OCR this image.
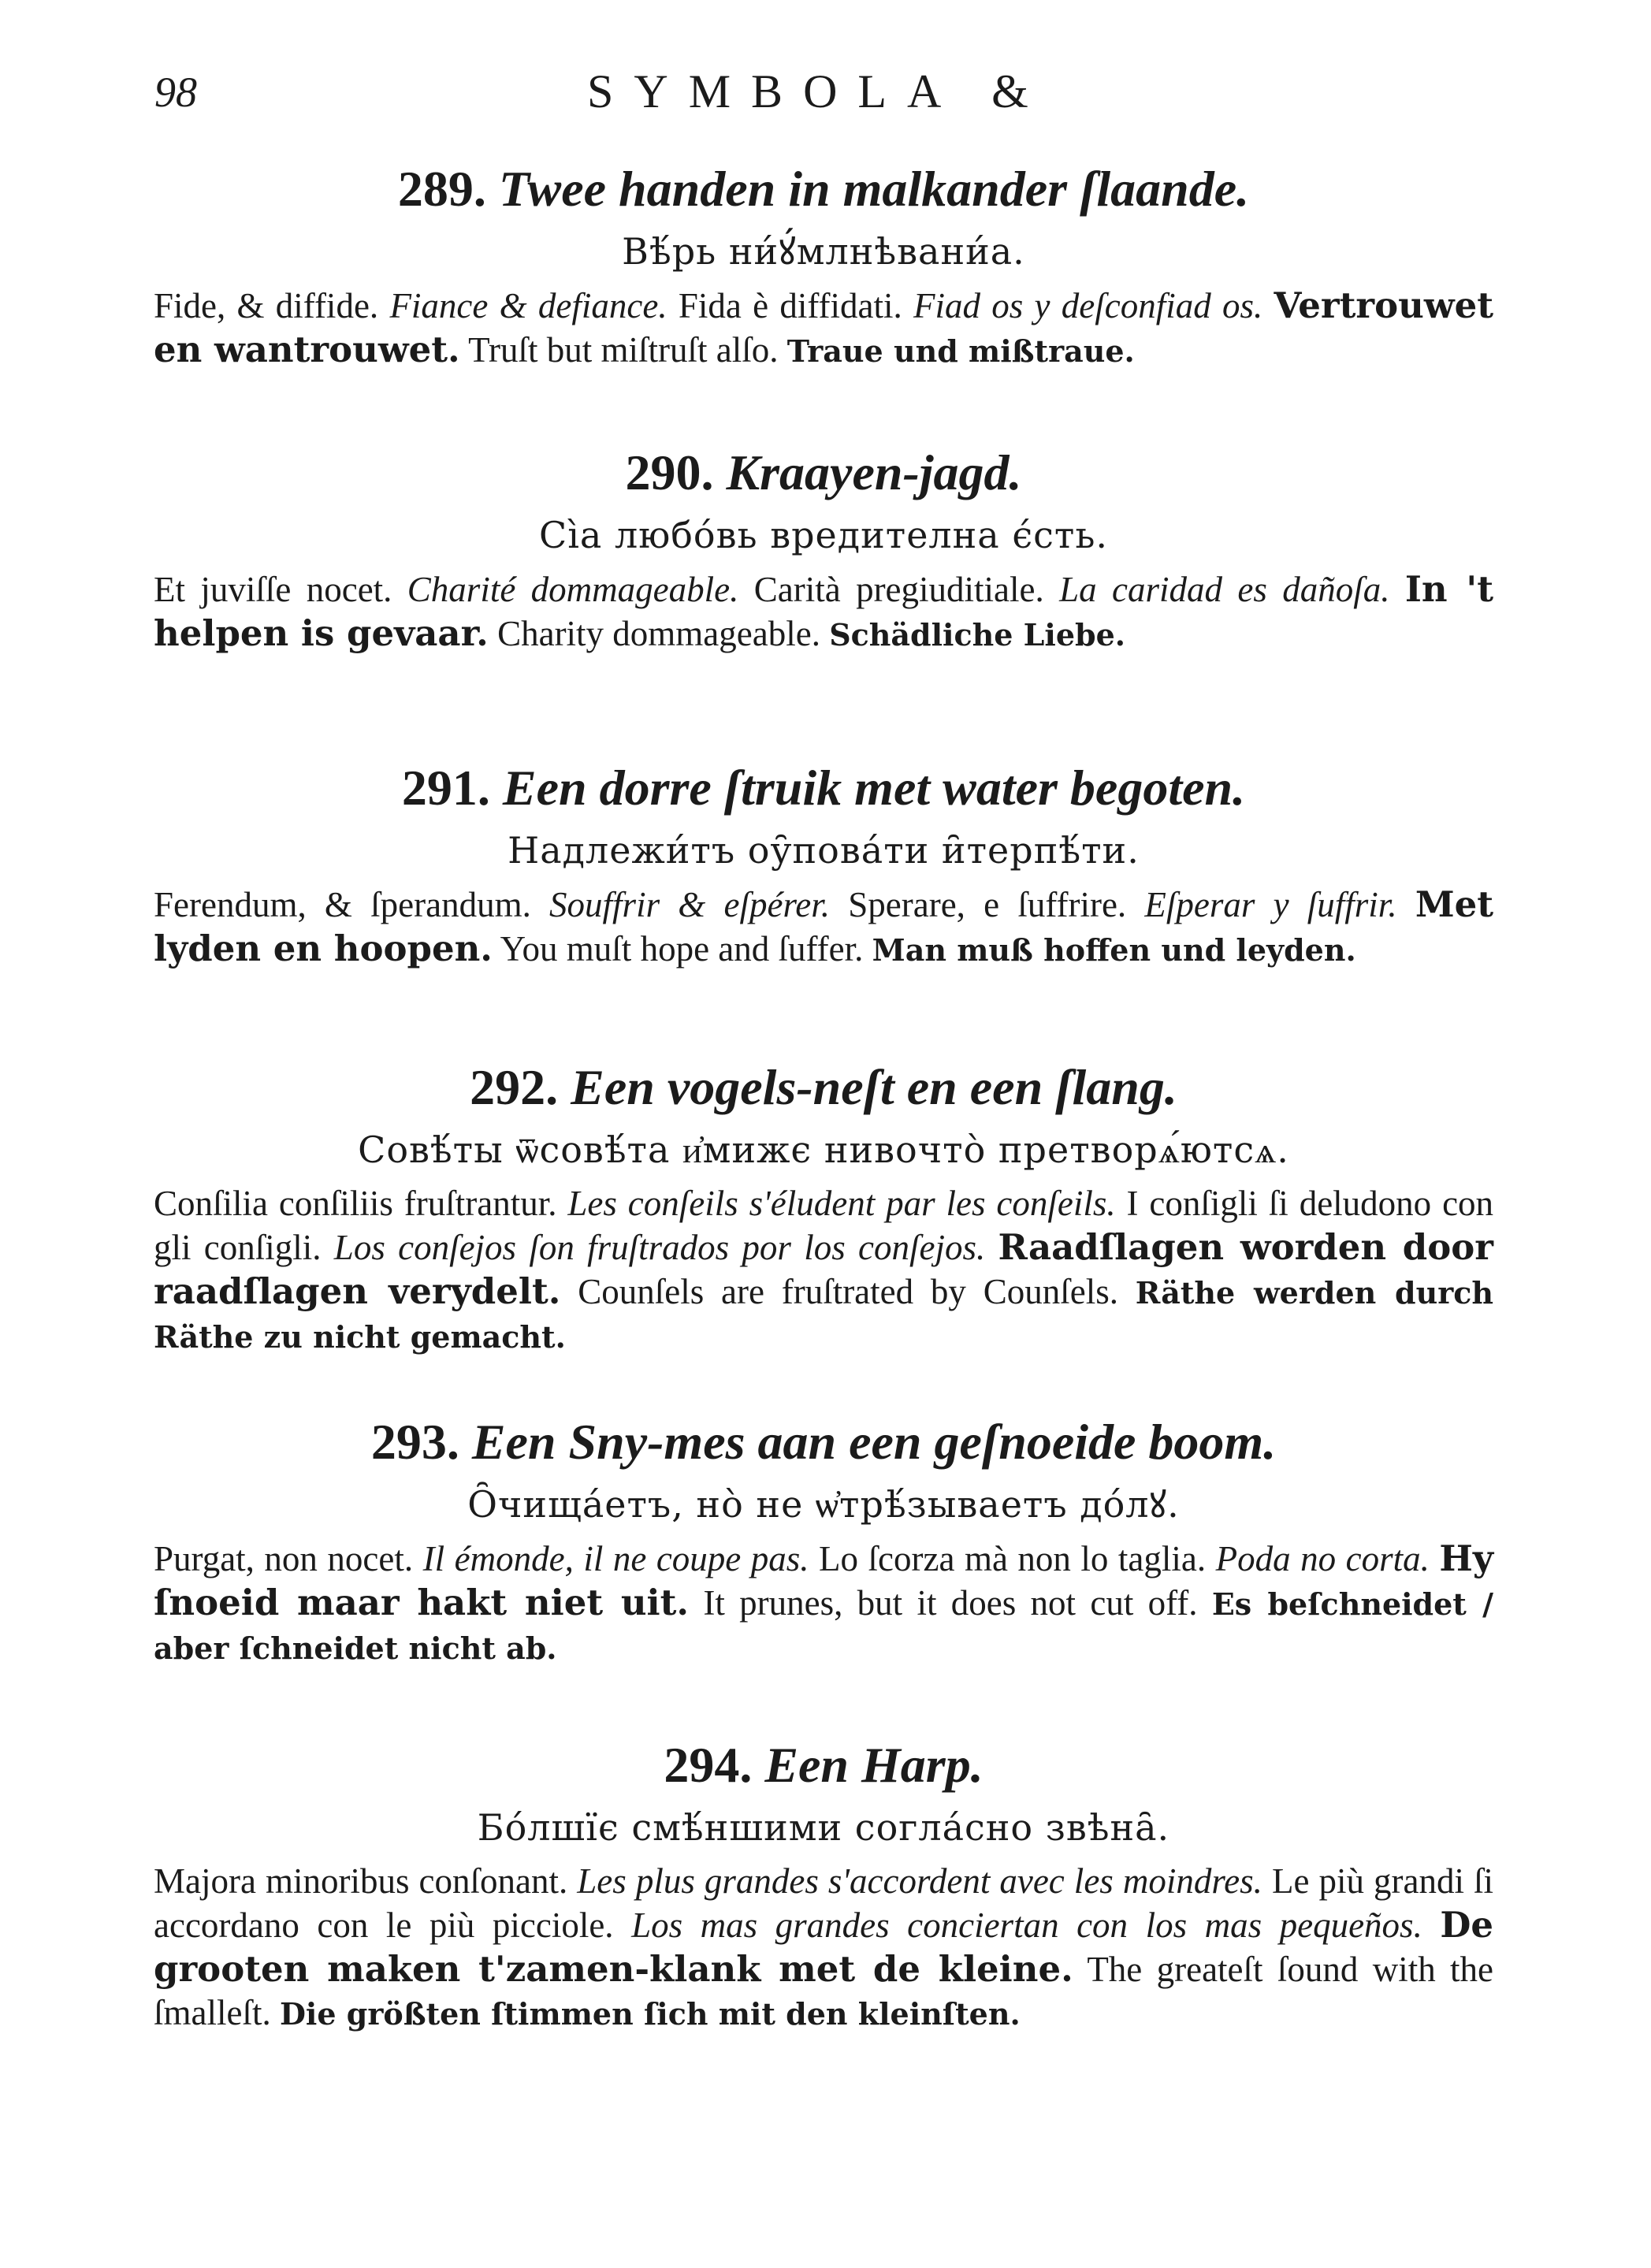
98	SYMBOLA &
289. Twee handen in malkander ſlaande.
Вѣ́рь ни́ꙋ́млнѣвани́а.

Fide, & diffide. Fiance & defiance. Fida è diffidati. Fiad os y deſconfiad os. Vertrouwet en wantrouwet. Truſt but miſtruſt alſo. Traue und mißtraue.

290. Kraayen-jagd.
Сі̀а любо́вь вредителна є́сть.

Et juviſſe nocet. Charité dommageable. Carità pregiuditiale. La caridad es dañoſa. In 't helpen is gevaar. Charity dommageable. Schädliche Liebe.

291. Een dorre ſtruik met water begoten.
Надлежи́тъ оу̑пова́ти и̑терпѣ́ти.

Ferendum, & ſperandum. Souffrir & eſpérer. Sperare, e ſuffrire. Eſperar y ſuffrir. Met lyden en hoopen. You muſt hope and ſuffer. Man muß hoffen und leyden.

292. Een vogels-neſt en een ſlang.
Совѣ́ты ѿсовѣ́та и҆мижє нивочто̀ претворѧ́ютсѧ.

Conſilia conſiliis fruſtrantur. Les conſeils s'éludent par les conſeils. I conſigli ſi deludono con gli conſigli. Los conſejos ſon fruſtrados por los conſejos. Raadſlagen worden door raadſlagen verydelt. Counſels are fruſtrated by Counſels. Räthe werden durch Räthe zu nicht gemacht.

293. Een Sny-mes aan een geſnoeide boom.
О̑чища́етъ, но̀ не ѡ҆трѣ́зываетъ до́лꙋ.

Purgat, non nocet. Il émonde, il ne coupe pas. Lo ſcorza mà non lo taglia. Poda no corta. Hy ſnoeid maar hakt niet uit. It prunes, but it does not cut off. Es beſchneidet / aber ſchneidet nicht ab.

294. Een Harp.
Бо́лшїє смѣ́ншими согла́сно звѣна̑.

Majora minoribus conſonant. Les plus grandes s'accordent avec les moindres. Le più grandi ſi accordano con le più picciole. Los mas grandes conciertan con los mas pequeños. De grooten maken t'zamen-klank met de kleine. The greateſt ſound with the ſmalleſt. Die größten ſtimmen ſich mit den kleinſten.
